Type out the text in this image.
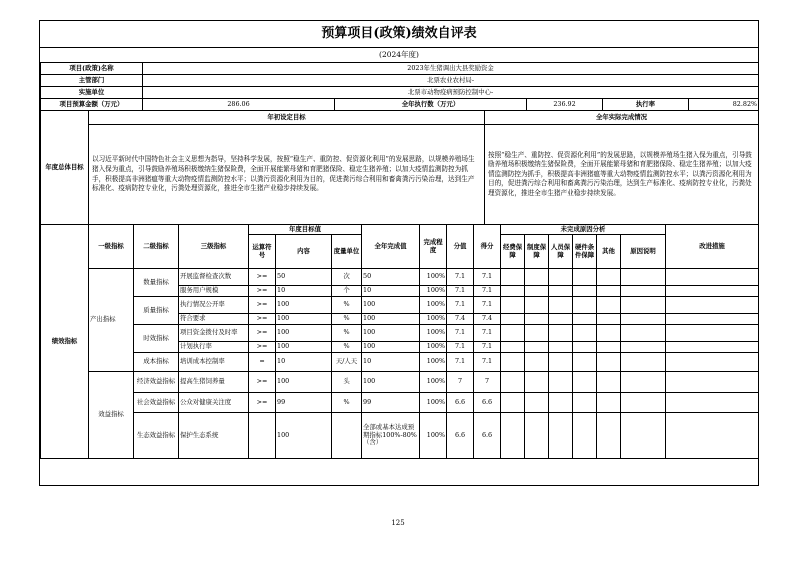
预算项目(政策)绩效自评表
(2024年度)
项目(政策)名称	2023年生猪调出大县奖励资金				
主管部门	北票农业农村局-				
实施单位	北票市动物疫病预防控制中心-				
项目预算金额（万元）	286.06	全年执行数（万元）	236.92	执行率	82.82%
年度总体目标	年初设定目标	全年实际完成情况
	以习近平新时代中国特色社会主义思想为指导，坚持科学发展，按照“稳生产、重防控、促资源化利用”的发展思路，以规模养殖场生猪入保为重点，引导鼓励养殖场积极缴纳生猪保险费，全面开展能繁母猪和育肥猪保险、稳定生猪养殖；以加大疫情监测防控为抓手，积极提高非洲猪瘟等重大动物疫情监测防控水平；以粪污资源化利用为目的，促进粪污综合利用和畜禽粪污污染治理，达到生产标准化、疫病防控专业化，污粪处理资源化，推进全市生猪产业稳步持续发展。	按照“稳生产、重防控、促资源化利用”的发展思路，以规模养殖场生猪入保为重点，引导鼓励养殖场积极缴纳生猪保险费，全面开展能繁母猪和育肥猪保险、稳定生猪养殖；以加大疫情监测防控为抓手，积极提高非洲猪瘟等重大动物疫情监测防控水平；以粪污资源化利用为目的，促进粪污综合利用和畜禽粪污污染治理，达到生产标准化、疫病防控专业化，污粪处理资源化，推进全市生猪产业稳步持续发展。
绩效指标	一级指标	二级指标	三级指标	年度目标值			全年完成值	完成程度	分值	得分	未完成原因分析						改进措施
				运算符号	内容	度量单位					经费保障	制度保障	人员保障	硬件条件保障	其他	原因说明	
	产出指标	数量指标	开展监督检查次数	>=	50	次	50	100%	7.1	7.1							
			服务用户规模	>=	10	个	10	100%	7.1	7.1							
		质量指标	执行情况公开率	>=	100	%	100	100%	7.1	7.1							
			符合要求	>=	100	%	100	100%	7.4	7.4							
		时效指标	项目资金拨付及时率	>=	100	%	100	100%	7.1	7.1							
			计划执行率	>=	100	%	100	100%	7.1	7.1							
		成本指标	培训成本控制率	=	10	天/人天	10	100%	7.1	7.1							
	效益指标	经济效益指标	提高生猪饲养量	>=	100	头	100	100%	7	7							
		社会效益指标	公众对健康关注度	>=	99	%	99	100%	6.6	6.6							
		生态效益指标	保护生态系统		100		全部或基本达成预期指标100%-80%（含）	100%	6.6	6.6							
125
